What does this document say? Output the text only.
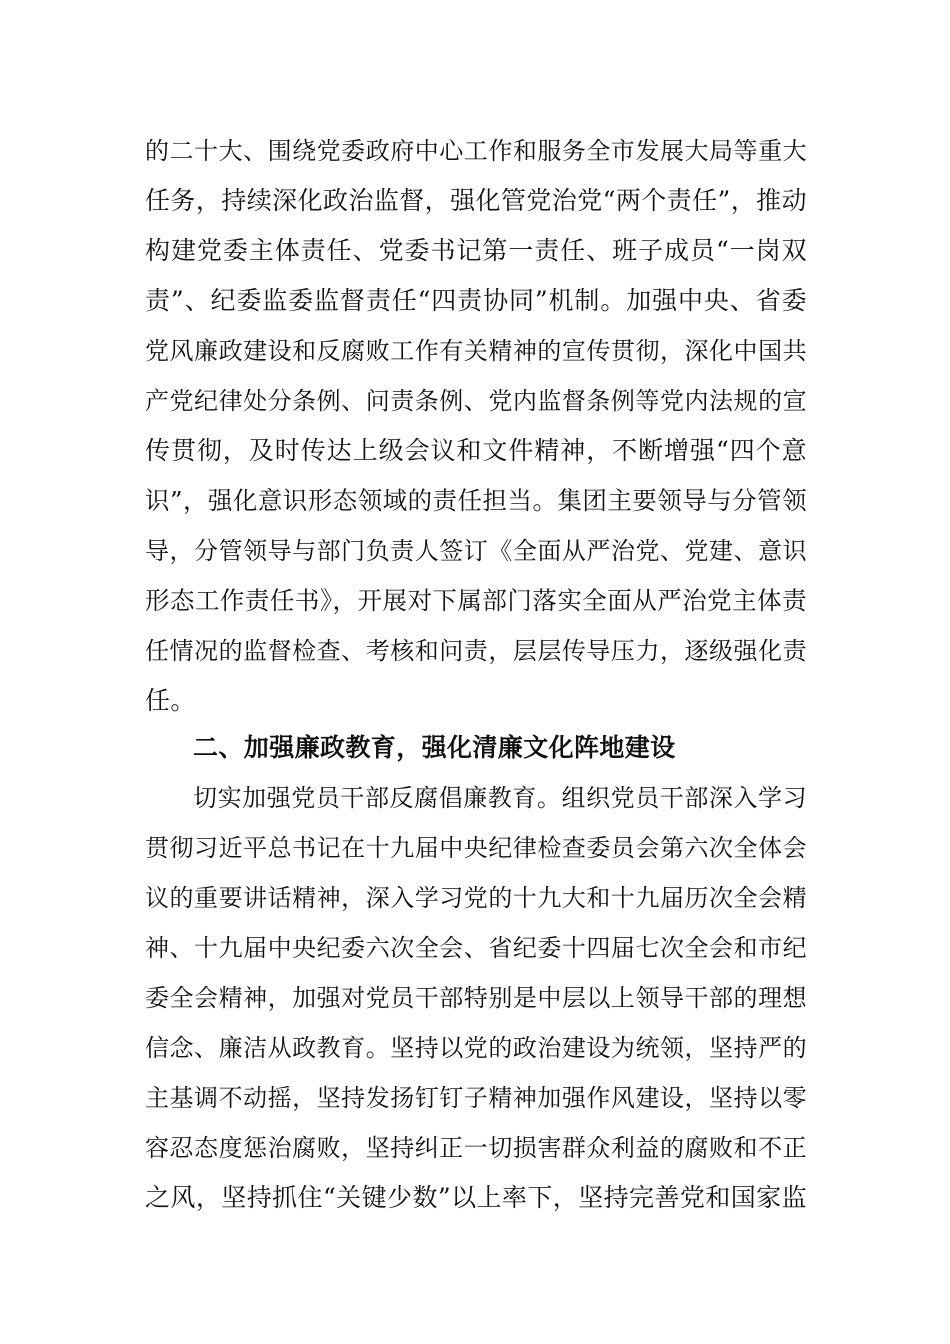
的二十大、围绕党委政府中心工作和服务全市发展大局等重大
任务，持续深化政治监督，强化管党治党“两个责任”，推动
构建党委主体责任、党委书记第一责任、班子成员“一岗双
责”、纪委监委监督责任“四责协同”机制。加强中央、省委
党风廉政建设和反腐败工作有关精神的宣传贯彻，深化中国共
产党纪律处分条例、问责条例、党内监督条例等党内法规的宣
传贯彻，及时传达上级会议和文件精神，不断增强“四个意
识”，强化意识形态领域的责任担当。集团主要领导与分管领
导，分管领导与部门负责人签订《全面从严治党、党建、意识
形态工作责任书》，开展对下属部门落实全面从严治党主体责
任情况的监督检查、考核和问责，层层传导压力，逐级强化责
任。
二、加强廉政教育，强化清廉文化阵地建设
切实加强党员干部反腐倡廉教育。组织党员干部深入学习
贯彻习近平总书记在十九届中央纪律检查委员会第六次全体会
议的重要讲话精神，深入学习党的十九大和十九届历次全会精
神、十九届中央纪委六次全会、省纪委十四届七次全会和市纪
委全会精神，加强对党员干部特别是中层以上领导干部的理想
信念、廉洁从政教育。坚持以党的政治建设为统领，坚持严的
主基调不动摇，坚持发扬钉钉子精神加强作风建设，坚持以零
容忍态度惩治腐败，坚持纠正一切损害群众利益的腐败和不正
之风，坚持抓住“关键少数”以上率下，坚持完善党和国家监
